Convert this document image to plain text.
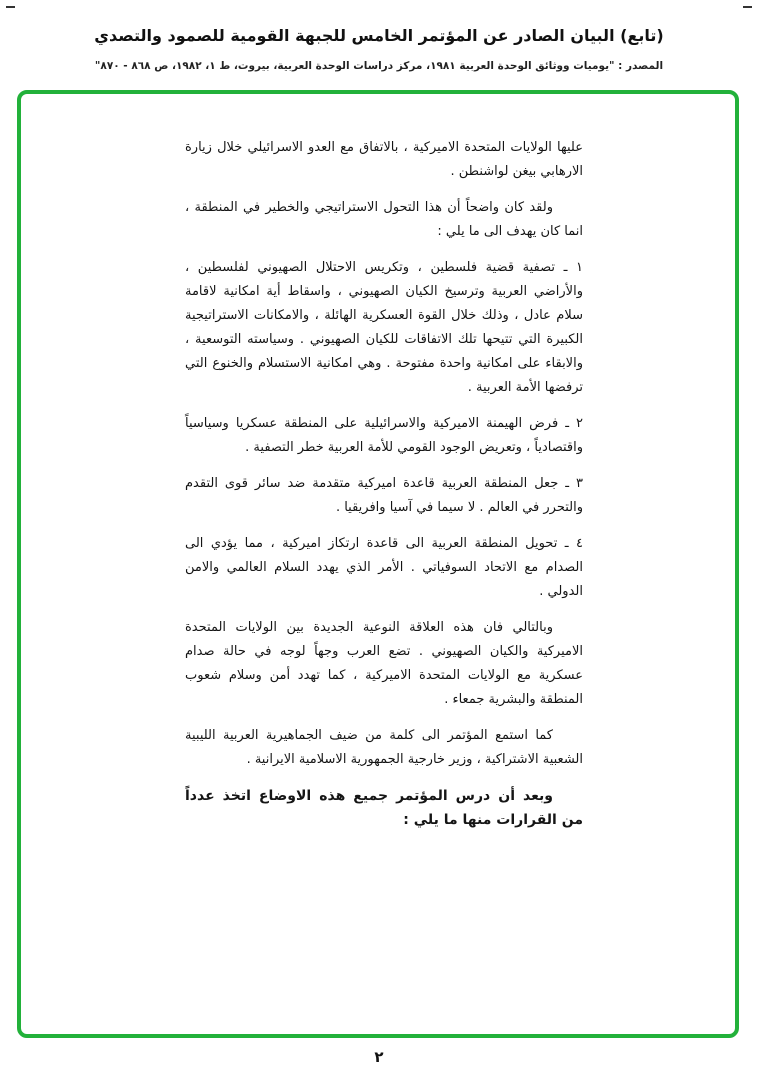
(تابع) البيان الصادر عن المؤتمر الخامس للجبهة القومية للصمود والتصدي
المصدر : "يوميات ووثائق الوحدة العربية ١٩٨١، مركز دراسات الوحدة العربية، بيروت، ط ١، ١٩٨٢، ص ٨٦٨ - ٨٧٠"

عليها الولايات المتحدة الاميركية ، بالاتفاق مع العدو الاسرائيلي خلال زيارة الارهابي بيغن لواشنطن .

ولقد كان واضحاً أن هذا التحول الاستراتيجي والخطير في المنطقة ، انما كان يهدف الى ما يلي :

١ ـ تصفية قضية فلسطين ، وتكريس الاحتلال الصهيوني لفلسطين ، والأراضي العربية وترسيخ الكيان الصهيوني ، واسقاط أية امكانية لاقامة سلام عادل ، وذلك خلال القوة العسكرية الهائلة ، والامكانات الاستراتيجية الكبيرة التي تتيحها تلك الاتفاقات للكيان الصهيوني . وسياسته التوسعية ، والابقاء على امكانية واحدة مفتوحة . وهي امكانية الاستسلام والخنوع التي ترفضها الأمة العربية .

٢ ـ فرض الهيمنة الاميركية والاسرائيلية على المنطقة عسكريا وسياسياً واقتصادياً ، وتعريض الوجود القومي للأمة العربية خطر التصفية .

٣ ـ جعل المنطقة العربية قاعدة اميركية متقدمة ضد سائر قوى التقدم والتحرر في العالم . لا سيما في آسيا وافريقيا .

٤ ـ تحويل المنطقة العربية الى قاعدة ارتكاز اميركية ، مما يؤدي الى الصدام مع الاتحاد السوفياتي . الأمر الذي يهدد السلام العالمي والامن الدولي .

وبالتالي فان هذه العلاقة النوعية الجديدة بين الولايات المتحدة الاميركية والكيان الصهيوني . تضع العرب وجهاً لوجه في حالة صدام عسكرية مع الولايات المتحدة الاميركية ، كما تهدد أمن وسلام شعوب المنطقة والبشرية جمعاء .

كما استمع المؤتمر الى كلمة من ضيف الجماهيرية العربية الليبية الشعبية الاشتراكية ، وزير خارجية الجمهورية الاسلامية الايرانية .

وبعد أن درس المؤتمر جميع هذه الاوضاع اتخذ عدداً من القرارات منها ما يلي :

٢
